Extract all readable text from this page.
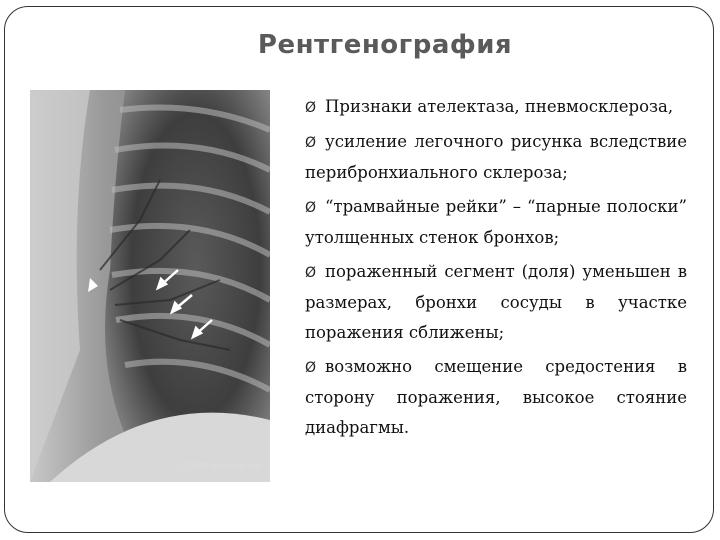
Рентгенография
©2008 Elsevier Inc
Ø Признаки ателектаза, пневмосклероза,
Ø усиление легочного рисунка вследствие перибронхиального склероза;
Ø “трамвайные рейки” – “парные полоски” утолщенных стенок бронхов;
Ø пораженный сегмент (доля) уменьшен в размерах, бронхи сосуды в участке поражения сближены;
Ø возможно смещение средостения в сторону поражения, высокое стояние диафрагмы.
